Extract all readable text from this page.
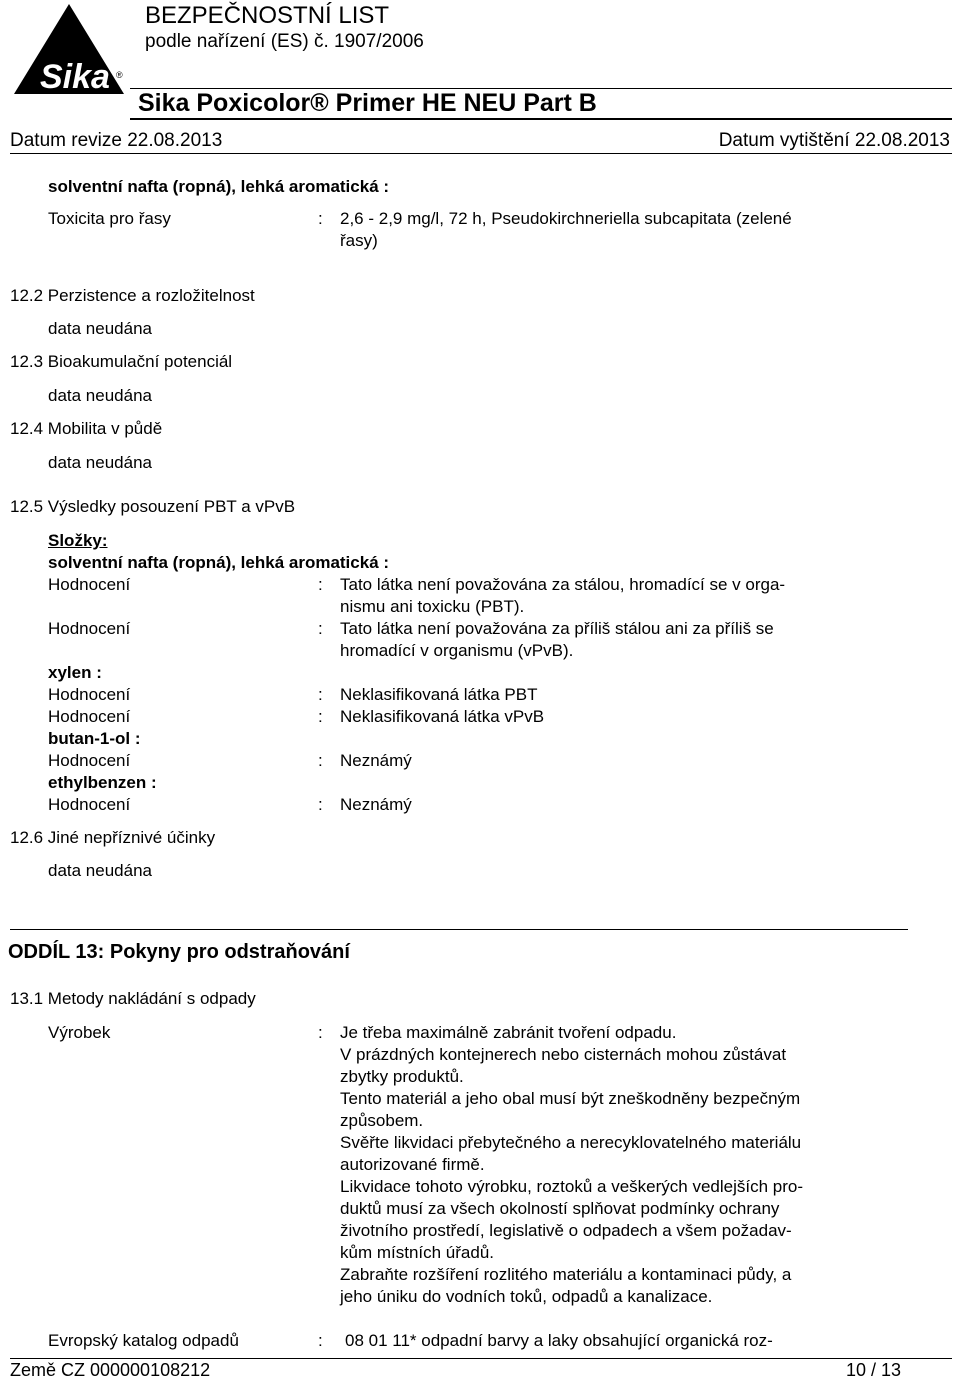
Sika ®
BEZPEČNOSTNÍ LIST
podle nařízení (ES) č. 1907/2006
Sika Poxicolor® Primer HE NEU Part B
Datum revize 22.08.2013	Datum vytištění 22.08.2013
solventní nafta (ropná), lehká aromatická :
Toxicita pro řasy	: 2,6 - 2,9 mg/l, 72 h, Pseudokirchneriella subcapitata (zelené
řasy)
12.2 Perzistence a rozložitelnost
data neudána
12.3 Bioakumulační potenciál
data neudána
12.4 Mobilita v půdě
data neudána
12.5 Výsledky posouzení PBT a vPvB
Složky:
solventní nafta (ropná), lehká aromatická :
Hodnocení	: Tato látka není považována za stálou, hromadící se v orga-
nismu ani toxicku (PBT).
Hodnocení	: Tato látka není považována za příliš stálou ani za příliš se
hromadící v organismu (vPvB).
xylen :
Hodnocení	: Neklasifikovaná látka PBT
Hodnocení	: Neklasifikovaná látka vPvB
butan-1-ol :
Hodnocení	: Neznámý
ethylbenzen :
Hodnocení	: Neznámý
12.6 Jiné nepříznivé účinky
data neudána
ODDÍL 13: Pokyny pro odstraňování
13.1 Metody nakládání s odpady
Výrobek	: Je třeba maximálně zabránit tvoření odpadu.
V prázdných kontejnerech nebo cisternách mohou zůstávat
zbytky produktů.
Tento materiál a jeho obal musí být zneškodněny bezpečným
způsobem.
Svěřte likvidaci přebytečného a nerecyklovatelného materiálu
autorizované firmě.
Likvidace tohoto výrobku, roztoků a veškerých vedlejších pro-
duktů musí za všech okolností splňovat podmínky ochrany
životního prostředí, legislativě o odpadech a všem požadav-
kům místních úřadů.
Zabraňte rozšíření rozlitého materiálu a kontaminaci půdy, a
jeho úniku do vodních toků, odpadů a kanalizace.
Evropský katalog odpadů	: 08 01 11* odpadní barvy a laky obsahující organická roz-
Země CZ 000000108212	10 / 13
